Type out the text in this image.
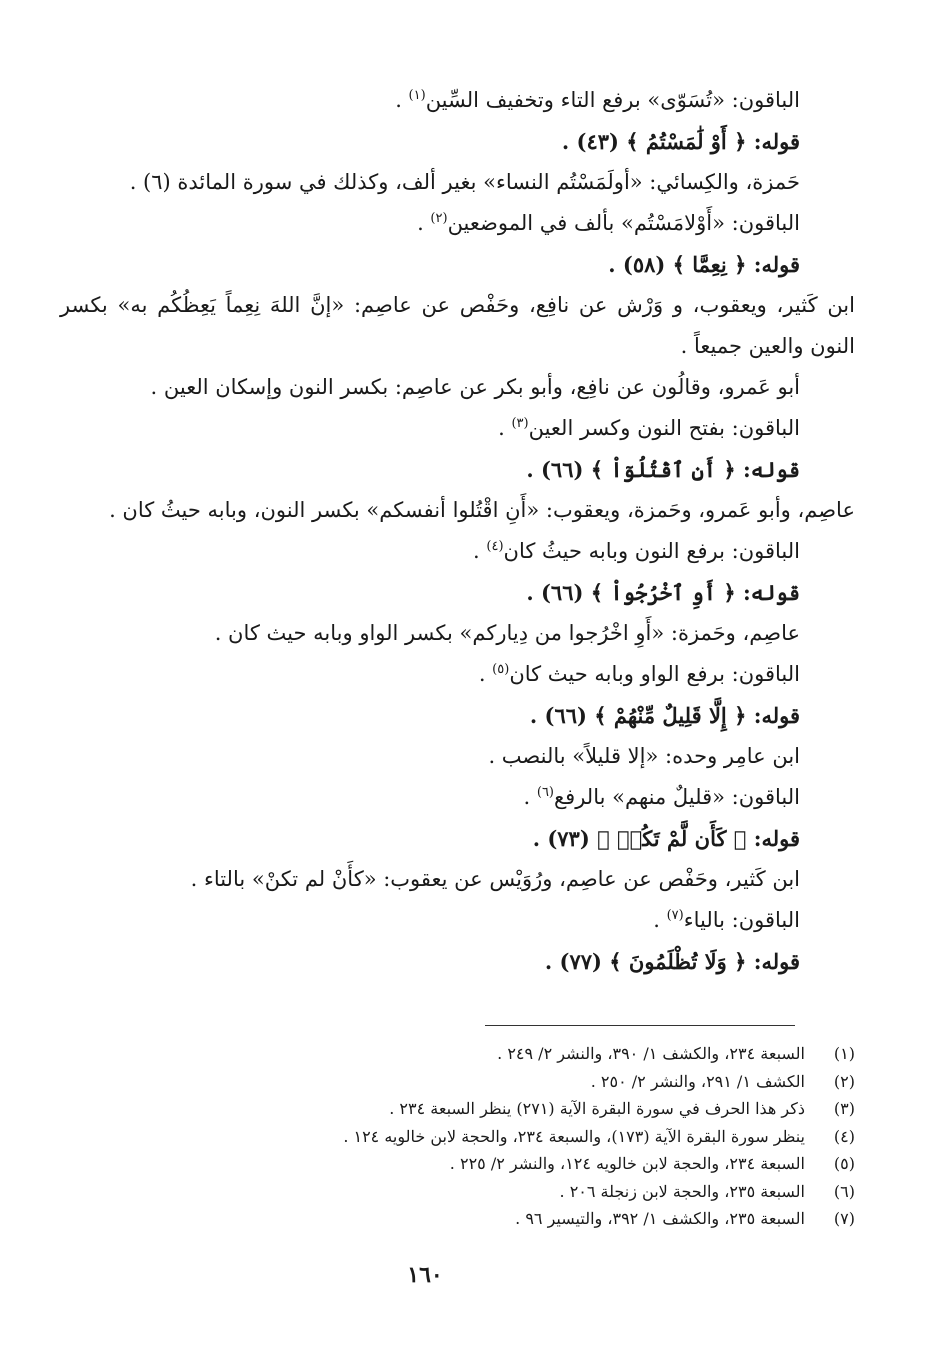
الباقون: «تُسَوّى» برفع التاء وتخفيف السِّين$^{(١)}$ .

قوله: ﴿ أَوْ لَٰمَسْتُمُ ﴾ (٤٣) .

حَمزة، والكِسائي: «أولَمَسْتُم النساء» بغير ألف، وكذلك في سورة المائدة (٦) .

الباقون: «أَوْلامَسْتُم» بألف في الموضعين$^{(٢)}$ .

قوله: ﴿ نِعِمَّا ﴾ (٥٨) .

ابن كَثير، ويعقوب، و وَرْش عن نافِع، وحَفْص عن عاصِم: «إنَّ اللهَ نِعِماً يَعِظُكُم به» بكسر النون والعين جميعاً .

أبو عَمرو، وقالُون عن نافِع، وأبو بكر عن عاصِم: بكسر النون وإسكان العين .

الباقون: بفتح النون وكسر العين$^{(٣)}$ .

قوله: ﴿ أَنِ ٱقْتُلُوٓاْ ﴾ (٦٦) .

عاصِم، وأبو عَمرو، وحَمزة، ويعقوب: «أَنِ اقْتُلوا أنفسكم» بكسر النون، وبابه حيثُ كان .

الباقون: برفع النون وبابه حيثُ كان$^{(٤)}$ .

قوله: ﴿ أَوِ ٱخْرُجُواْ ﴾ (٦٦) .

عاصِم، وحَمزة: «أَوِ اخْرُجوا من دِياركم» بكسر الواو وبابه حيث كان .

الباقون: برفع الواو وبابه حيث كان$^{(٥)}$ .

قوله: ﴿ إِلَّا قَلِيلٌ مِّنْهُمْ ﴾ (٦٦) .

ابن عامِر وحده: «إلا قليلاً» بالنصب .

الباقون: «قليلٌ منهم» بالرفع$^{(٦)}$ .

قوله: ﴿ كَأَن لَّمْ تَكُنۢ ﴾ (٧٣) .

ابن كَثير، وحَفْص عن عاصِم، ورُوَيْس عن يعقوب: «كأَنْ لم تكنْ» بالتاء .

الباقون: بالياء$^{(٧)}$ .

قوله: ﴿ وَلَا تُظْلَمُونَ ﴾ (٧٧) .

(١)
السبعة ٢٣٤، والكشف ١/ ٣٩٠، والنشر ٢/ ٢٤٩ .
(٢)
الكشف ١/ ٢٩١، والنشر ٢/ ٢٥٠ .
(٣)
ذكر هذا الحرف في سورة البقرة الآية (٢٧١) ينظر السبعة ٢٣٤ .
(٤)
ينظر سورة البقرة الآية (١٧٣)، والسبعة ٢٣٤، والحجة لابن خالويه ١٢٤ .
(٥)
السبعة ٢٣٤، والحجة لابن خالويه ١٢٤، والنشر ٢/ ٢٢٥ .
(٦)
السبعة ٢٣٥، والحجة لابن زنجلة ٢٠٦ .
(٧)
السبعة ٢٣٥، والكشف ١/ ٣٩٢، والتيسير ٩٦ .
١٦٠
